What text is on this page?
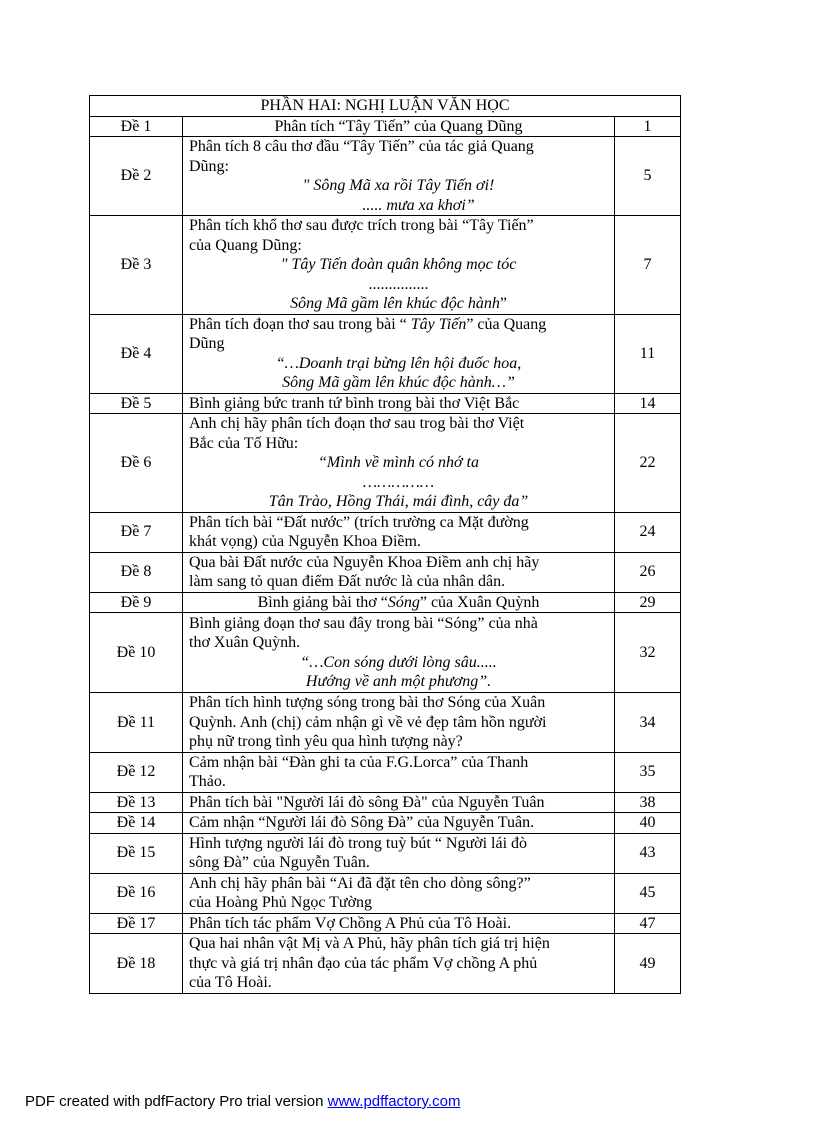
PHẦN HAI: NGHỊ LUẬN VĂN HỌC		
Đề 1	Phân tích “Tây Tiến” của Quang Dũng	1
Đề 2	Phân tích 8 câu thơ đầu “Tây Tiến” của tác giả Quang
Dũng:
" Sông Mã xa rồi Tây Tiến ơi!
..... mưa xa khơi”	5
Đề 3	Phân tích khổ thơ sau được trích trong bài “Tây Tiến”
của Quang Dũng:
" Tây Tiến đoàn quân không mọc tóc
...............
Sông Mã gầm lên khúc độc hành”	7
Đề 4	Phân tích đoạn thơ sau trong bài “ Tây Tiến” của Quang
Dũng
“…Doanh trại bừng lên hội đuốc hoa,
Sông Mã gầm lên khúc độc hành…”	11
Đề 5	Bình giảng bức tranh tứ bình trong bài thơ Việt Bắc	14
Đề 6	Anh chị hãy phân tích đoạn thơ sau trog bài thơ Việt
Bắc của Tố Hữu:
“Mình về mình có nhớ ta
……………
Tân Trào, Hồng Thái, mái đình, cây đa”	22
Đề 7	Phân tích bài “Đất nước” (trích trường ca Mặt đường
khát vọng) của Nguyễn Khoa Điềm.	24
Đề 8	Qua bài Đất nước của Nguyễn Khoa Điềm anh chị hãy
làm sang tỏ quan điểm Đất nước là của nhân dân.	26
Đề 9	Bình giảng bài thơ “Sóng” của Xuân Quỳnh	29
Đề 10	Bình giảng đoạn thơ sau đây trong bài “Sóng” của nhà
thơ Xuân Quỳnh.
“…Con sóng dưới lòng sâu.....
Hướng về anh một phương”.	32
Đề 11	Phân tích hình tượng sóng trong bài thơ Sóng của Xuân
Quỳnh. Anh (chị) cảm nhận gì về vẻ đẹp tâm hồn người
phụ nữ trong tình yêu qua hình tượng này?	34
Đề 12	Cảm nhận bài “Đàn ghi ta của F.G.Lorca” của Thanh
Thảo.	35
Đề 13	Phân tích bài "Người lái đò sông Đà" của Nguyễn Tuân	38
Đề 14	Cảm nhận “Người lái đò Sông Đà” của Nguyễn Tuân.	40
Đề 15	Hình tượng người lái đò trong tuỳ bút “ Người lái đò
sông Đà” của Nguyễn Tuân.	43
Đề 16	Anh chị hãy phân bài “Ai đã đặt tên cho dòng sông?”
của Hoàng Phủ Ngọc Tường	45
Đề 17	Phân tích tác phẩm Vợ Chồng A Phủ của Tô Hoài.	47
Đề 18	Qua hai nhân vật Mị và A Phủ, hãy phân tích giá trị hiện
thực và giá trị nhân đạo của tác phẩm Vợ chồng A phủ
của Tô Hoài.	49
PDF created with pdfFactory Pro trial version www.pdffactory.com
